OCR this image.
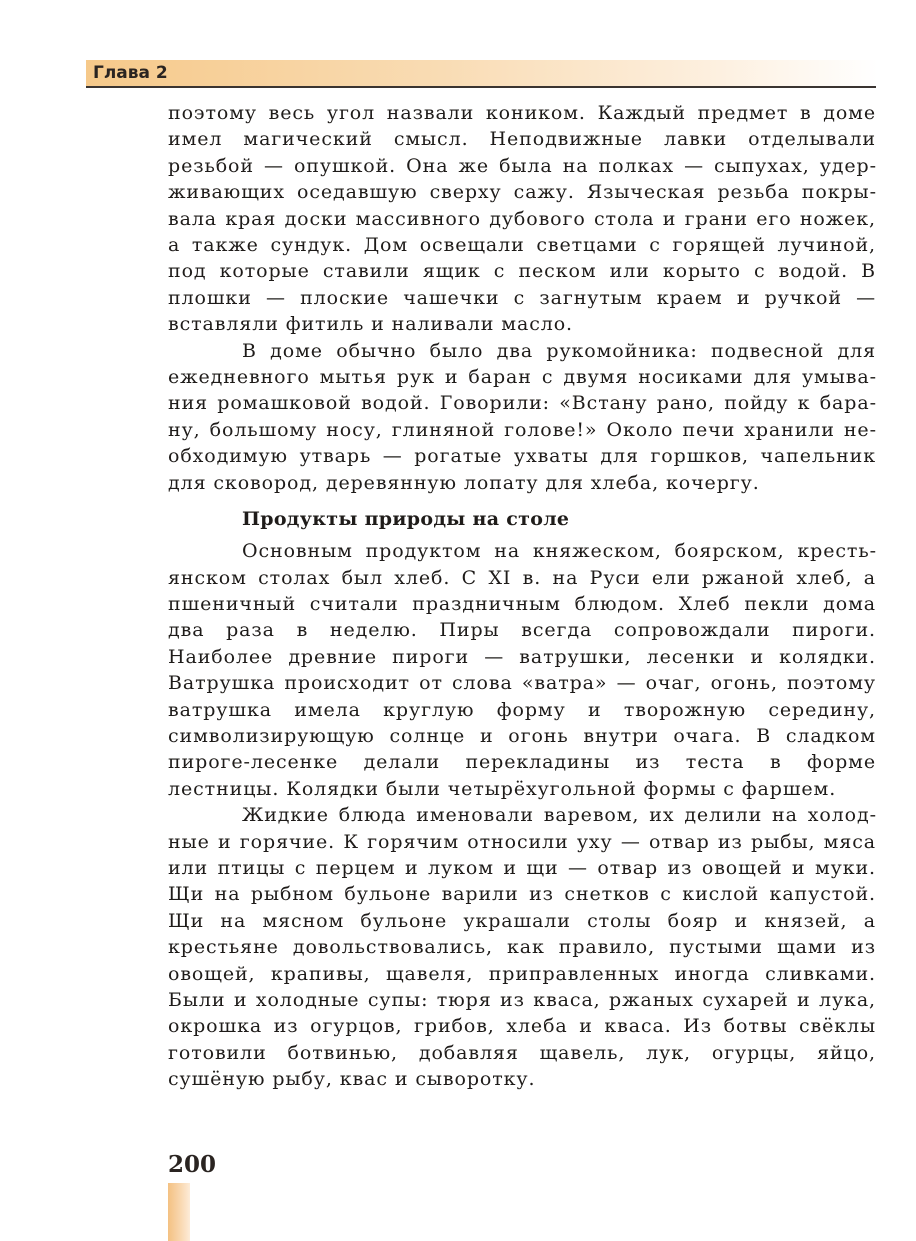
Глава 2

поэтому весь угол назвали коником. Каждый предмет в доме имел магический смысл. Неподвижные лавки отделывали резьбой — опушкой. Она же была на полках — сыпухах, удерживающих оседавшую сверху сажу. Языческая резьба покрывала края доски массивного дубового стола и грани его ножек, а также сундук. Дом освещали светцами с горящей лучиной, под которые ставили ящик с песком или корыто с водой. В плошки — плоские чашечки с загнутым краем и ручкой — вставляли фитиль и наливали масло.

В доме обычно было два рукомойника: подвесной для ежедневного мытья рук и баран с двумя носиками для умывания ромашковой водой. Говорили: «Встану рано, пойду к барану, большому носу, глиняной голове!» Около печи хранили необходимую утварь — рогатые ухваты для горшков, чапельник для сковород, деревянную лопату для хлеба, кочергу.

Продукты природы на столе

Основным продуктом на княжеском, боярском, крестьянском столах был хлеб. С XI в. на Руси ели ржаной хлеб, а пшеничный считали праздничным блюдом. Хлеб пекли дома два раза в неделю. Пиры всегда сопровождали пироги. Наиболее древние пироги — ватрушки, лесенки и колядки. Ватрушка происходит от слова «ватра» — очаг, огонь, поэтому ватрушка имела круглую форму и творожную середину, символизирующую солнце и огонь внутри очага. В сладком пироге-лесенке делали перекладины из теста в форме лестницы. Колядки были четырёхугольной формы с фаршем.

Жидкие блюда именовали варевом, их делили на холодные и горячие. К горячим относили уху — отвар из рыбы, мяса или птицы с перцем и луком и щи — отвар из овощей и муки. Щи на рыбном бульоне варили из снетков с кислой капустой. Щи на мясном бульоне украшали столы бояр и князей, а крестьяне довольствовались, как правило, пустыми щами из овощей, крапивы, щавеля, приправленных иногда сливками. Были и холодные супы: тюря из кваса, ржаных сухарей и лука, окрошка из огурцов, грибов, хлеба и кваса. Из ботвы свёклы готовили ботвинью, добавляя щавель, лук, огурцы, яйцо, сушёную рыбу, квас и сыворотку.

200
